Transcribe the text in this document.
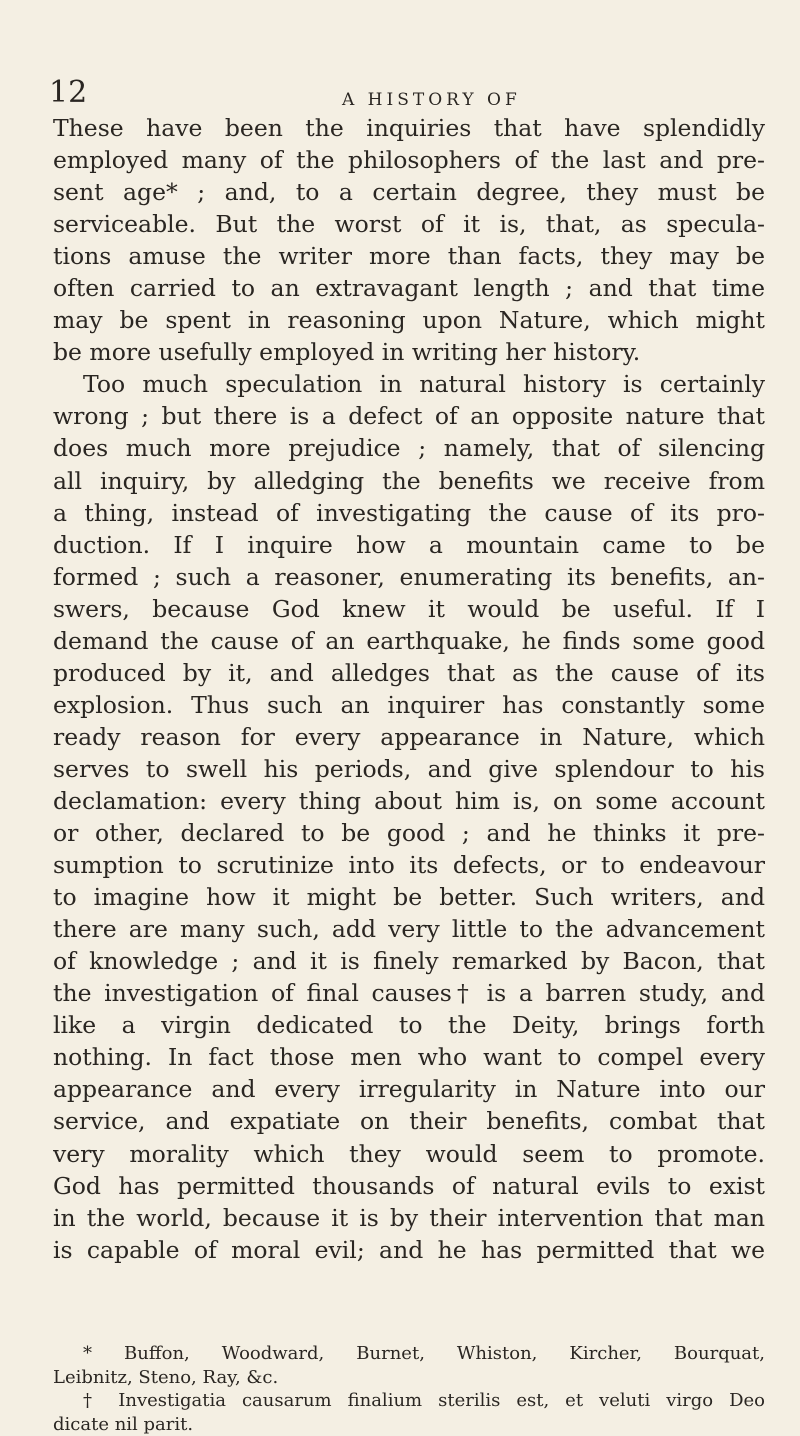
12	A HISTORY OF
These have been the inquiries that have splendidly
employed many of the philosophers of the last and pre-
sent age* ; and, to a certain degree, they must be
serviceable. But the worst of it is, that, as specula-
tions amuse the writer more than facts, they may be
often carried to an extravagant length ; and that time
may be spent in reasoning upon Nature, which might
be more usefully employed in writing her history.
Too much speculation in natural history is certainly
wrong ; but there is a defect of an opposite nature that
does much more prejudice ; namely, that of silencing
all inquiry, by alledging the benefits we receive from
a thing, instead of investigating the cause of its pro-
duction. If I inquire how a mountain came to be
formed ; such a reasoner, enumerating its benefits, an-
swers, because God knew it would be useful. If I
demand the cause of an earthquake, he finds some good
produced by it, and alledges that as the cause of its
explosion. Thus such an inquirer has constantly some
ready reason for every appearance in Nature, which
serves to swell his periods, and give splendour to his
declamation: every thing about him is, on some account
or other, declared to be good ; and he thinks it pre-
sumption to scrutinize into its defects, or to endeavour
to imagine how it might be better. Such writers, and
there are many such, add very little to the advancement
of knowledge ; and it is finely remarked by Bacon, that
the investigation of final causes† is a barren study, and
like a virgin dedicated to the Deity, brings forth
nothing. In fact those men who want to compel every
appearance and every irregularity in Nature into our
service, and expatiate on their benefits, combat that
very morality which they would seem to promote.
God has permitted thousands of natural evils to exist
in the world, because it is by their intervention that man
is capable of moral evil; and he has permitted that we
* Buffon, Woodward, Burnet, Whiston, Kircher, Bourquat,
Leibnitz, Steno, Ray, &c.
† Investigatia causarum finalium sterilis est, et veluti virgo Deo
dicate nil parit.
